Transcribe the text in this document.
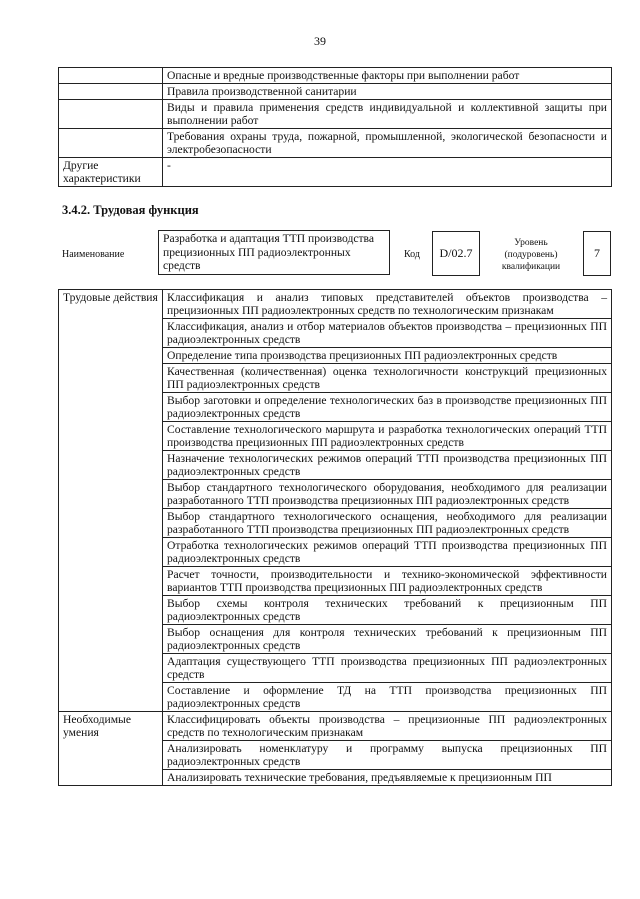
39
	Опасные и вредные производственные факторы при выполнении работ
	Правила производственной санитарии
	Виды и правила применения средств индивидуальной и коллективной защиты при выполнении работ
	Требования охраны труда, пожарной, промышленной, экологической безопасности и электробезопасности
Другие характеристики	-
3.4.2. Трудовая функция
Наименование
Разработка и адаптация ТТП производства прецизионных ПП радиоэлектронных средств
Код	D/02.7
Уровень (подуровень) квалификации
7
Трудовые действия	Классификация и анализ типовых представителей объектов производства – прецизионных ПП радиоэлектронных средств по технологическим признакам
	Классификация, анализ и отбор материалов объектов производства – прецизионных ПП радиоэлектронных средств
	Определение типа производства прецизионных ПП радиоэлектронных средств
	Качественная (количественная) оценка технологичности конструкций прецизионных ПП радиоэлектронных средств
	Выбор заготовки и определение технологических баз в производстве прецизионных ПП радиоэлектронных средств
	Составление технологического маршрута и разработка технологических операций ТТП производства прецизионных ПП радиоэлектронных средств
	Назначение технологических режимов операций ТТП производства прецизионных ПП радиоэлектронных средств
	Выбор стандартного технологического оборудования, необходимого для реализации разработанного ТТП производства прецизионных ПП радиоэлектронных средств
	Выбор стандартного технологического оснащения, необходимого для реализации разработанного ТТП производства прецизионных ПП радиоэлектронных средств
	Отработка технологических режимов операций ТТП производства прецизионных ПП радиоэлектронных средств
	Расчет точности, производительности и технико-экономической эффективности вариантов ТТП производства прецизионных ПП радиоэлектронных средств
	Выбор схемы контроля технических требований к прецизионным ПП радиоэлектронных средств
	Выбор оснащения для контроля технических требований к прецизионным ПП радиоэлектронных средств
	Адаптация существующего ТТП производства прецизионных ПП радиоэлектронных средств
	Составление и оформление ТД на ТТП производства прецизионных ПП радиоэлектронных средств
Необходимые умения	Классифицировать объекты производства – прецизионные ПП радиоэлектронных средств по технологическим признакам
	Анализировать номенклатуру и программу выпуска прецизионных ПП радиоэлектронных средств
	Анализировать технические требования, предъявляемые к прецизионным ПП
